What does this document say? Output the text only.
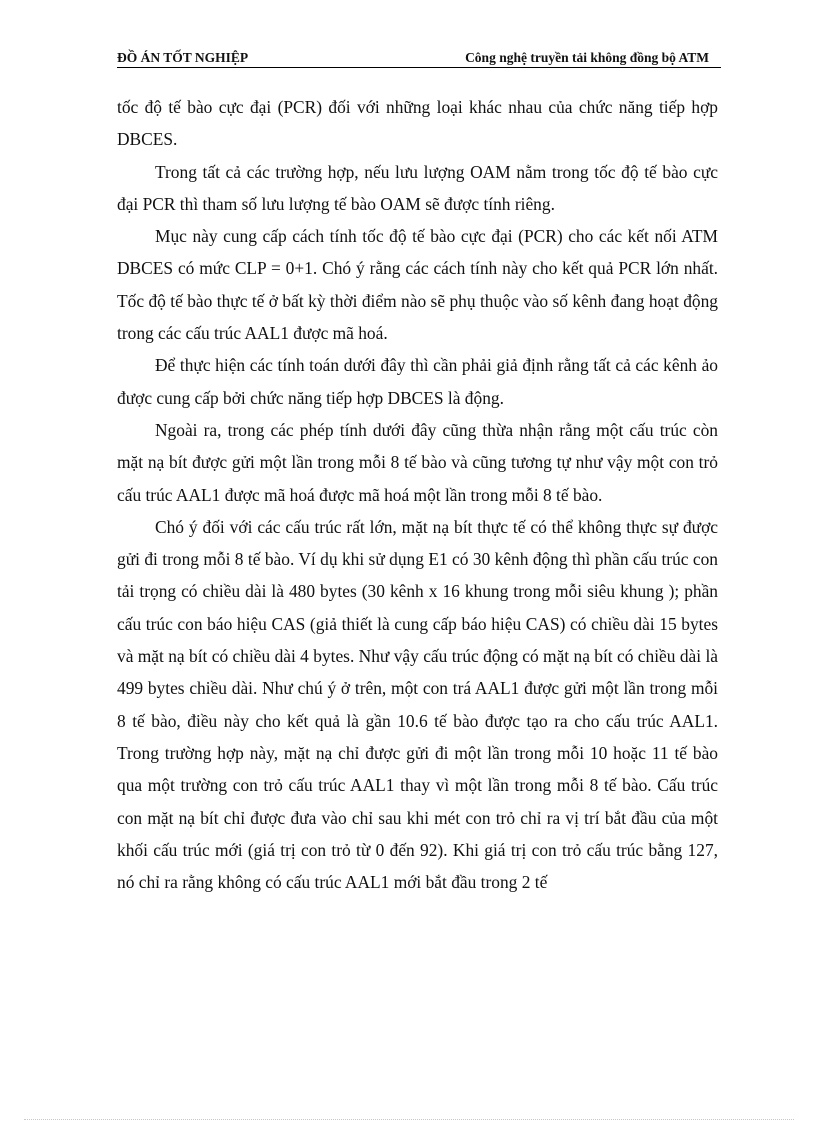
ĐỒ ÁN TỐT NGHIỆP	Công nghệ truyền tải không đồng bộ ATM

tốc độ tế bào cực đại (PCR) đối với những loại khác nhau của chức năng tiếp hợp DBCES.

Trong tất cả các trường hợp, nếu lưu lượng OAM nằm trong tốc độ tế bào cực đại PCR thì tham số lưu lượng tế bào OAM sẽ được tính riêng.

Mục này cung cấp cách tính tốc độ tế bào cực đại (PCR) cho các kết nối ATM DBCES có mức CLP = 0+1. Chó ý rằng các cách tính này cho kết quả PCR lớn nhất. Tốc độ tế bào thực tế ở bất kỳ thời điểm nào sẽ phụ thuộc vào số kênh đang hoạt động trong các cấu trúc AAL1 được mã hoá.

Để thực hiện các tính toán dưới đây thì cần phải giả định rằng tất cả các kênh ảo được cung cấp bởi chức năng tiếp hợp DBCES là động.

Ngoài ra, trong các phép tính dưới đây cũng thừa nhận rằng một cấu trúc còn mặt nạ bít được gửi một lần trong mỗi 8 tế bào và cũng tương tự như vậy một con trỏ cấu trúc AAL1 được mã hoá được mã hoá một lần trong mỗi 8 tế bào.

Chó ý đối với các cấu trúc rất lớn, mặt nạ bít thực tế có thể không thực sự được gửi đi trong mỗi 8 tế bào. Ví dụ khi sử dụng E1 có 30 kênh động thì phần cấu trúc con tải trọng có chiều dài là 480 bytes (30 kênh x 16 khung trong mỗi siêu khung ); phần cấu trúc con báo hiệu CAS (giả thiết là cung cấp báo hiệu CAS) có chiều dài 15 bytes và mặt nạ bít có chiều dài 4 bytes. Như vậy cấu trúc động có mặt nạ bít có chiều dài là 499 bytes chiều dài. Như chú ý ở trên, một con trá AAL1 được gửi một lần trong mỗi 8 tế bào, điều này cho kết quả là gần 10.6 tế bào được tạo ra cho cấu trúc AAL1. Trong trường hợp này, mặt nạ chỉ được gửi đi một lần trong mỗi 10 hoặc 11 tế bào qua một trường con trỏ cấu trúc AAL1 thay vì một lần trong mỗi 8 tế bào. Cấu trúc con mặt nạ bít chỉ được đưa vào chỉ sau khi mét con trỏ chỉ ra vị trí bắt đầu của một khối cấu trúc mới (giá trị con trỏ từ 0 đến 92). Khi giá trị con trỏ cấu trúc bằng 127, nó chỉ ra rằng không có cấu trúc AAL1 mới bắt đầu trong 2 tế
